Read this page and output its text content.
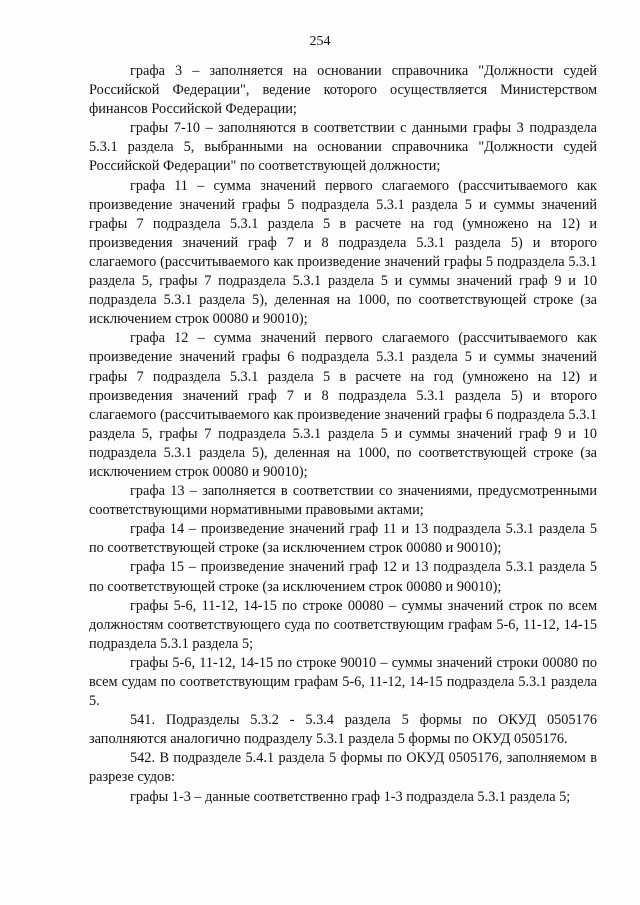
254

графа 3 – заполняется на основании справочника "Должности судей Российской Федерации", ведение которого осуществляется Министерством финансов Российской Федерации;

графы 7-10 – заполняются в соответствии с данными графы 3 подраздела 5.3.1 раздела 5, выбранными на основании справочника "Должности судей Российской Федерации" по соответствующей должности;

графа 11 – сумма значений первого слагаемого (рассчитываемого как произведение значений графы 5 подраздела 5.3.1 раздела 5 и суммы значений графы 7 подраздела 5.3.1 раздела 5 в расчете на год (умножено на 12) и произведения значений граф 7 и 8 подраздела 5.3.1 раздела 5) и второго слагаемого (рассчитываемого как произведение значений графы 5 подраздела 5.3.1 раздела 5, графы 7 подраздела 5.3.1 раздела 5 и суммы значений граф 9 и 10 подраздела 5.3.1 раздела 5), деленная на 1000, по соответствующей строке (за исключением строк 00080 и 90010);

графа 12 – сумма значений первого слагаемого (рассчитываемого как произведение значений графы 6 подраздела 5.3.1 раздела 5 и суммы значений графы 7 подраздела 5.3.1 раздела 5 в расчете на год (умножено на 12) и произведения значений граф 7 и 8 подраздела 5.3.1 раздела 5) и второго слагаемого (рассчитываемого как произведение значений графы 6 подраздела 5.3.1 раздела 5, графы 7 подраздела 5.3.1 раздела 5 и суммы значений граф 9 и 10 подраздела 5.3.1 раздела 5), деленная на 1000, по соответствующей строке (за исключением строк 00080 и 90010);

графа 13 – заполняется в соответствии со значениями, предусмотренными соответствующими нормативными правовыми актами;

графа 14 – произведение значений граф 11 и 13 подраздела 5.3.1 раздела 5 по соответствующей строке (за исключением строк 00080 и 90010);

графа 15 – произведение значений граф 12 и 13 подраздела 5.3.1 раздела 5 по соответствующей строке (за исключением строк 00080 и 90010);

графы 5-6, 11-12, 14-15 по строке 00080 – суммы значений строк по всем должностям соответствующего суда по соответствующим графам 5-6, 11-12, 14-15 подраздела 5.3.1 раздела 5;

графы 5-6, 11-12, 14-15 по строке 90010 – суммы значений строки 00080 по всем судам по соответствующим графам 5-6, 11-12, 14-15 подраздела 5.3.1 раздела 5.

541. Подразделы 5.3.2 - 5.3.4 раздела 5 формы по ОКУД 0505176 заполняются аналогично подразделу 5.3.1 раздела 5 формы по ОКУД 0505176.

542. В подразделе 5.4.1 раздела 5 формы по ОКУД 0505176, заполняемом в разрезе судов:

графы 1-3 – данные соответственно граф 1-3 подраздела 5.3.1 раздела 5;
